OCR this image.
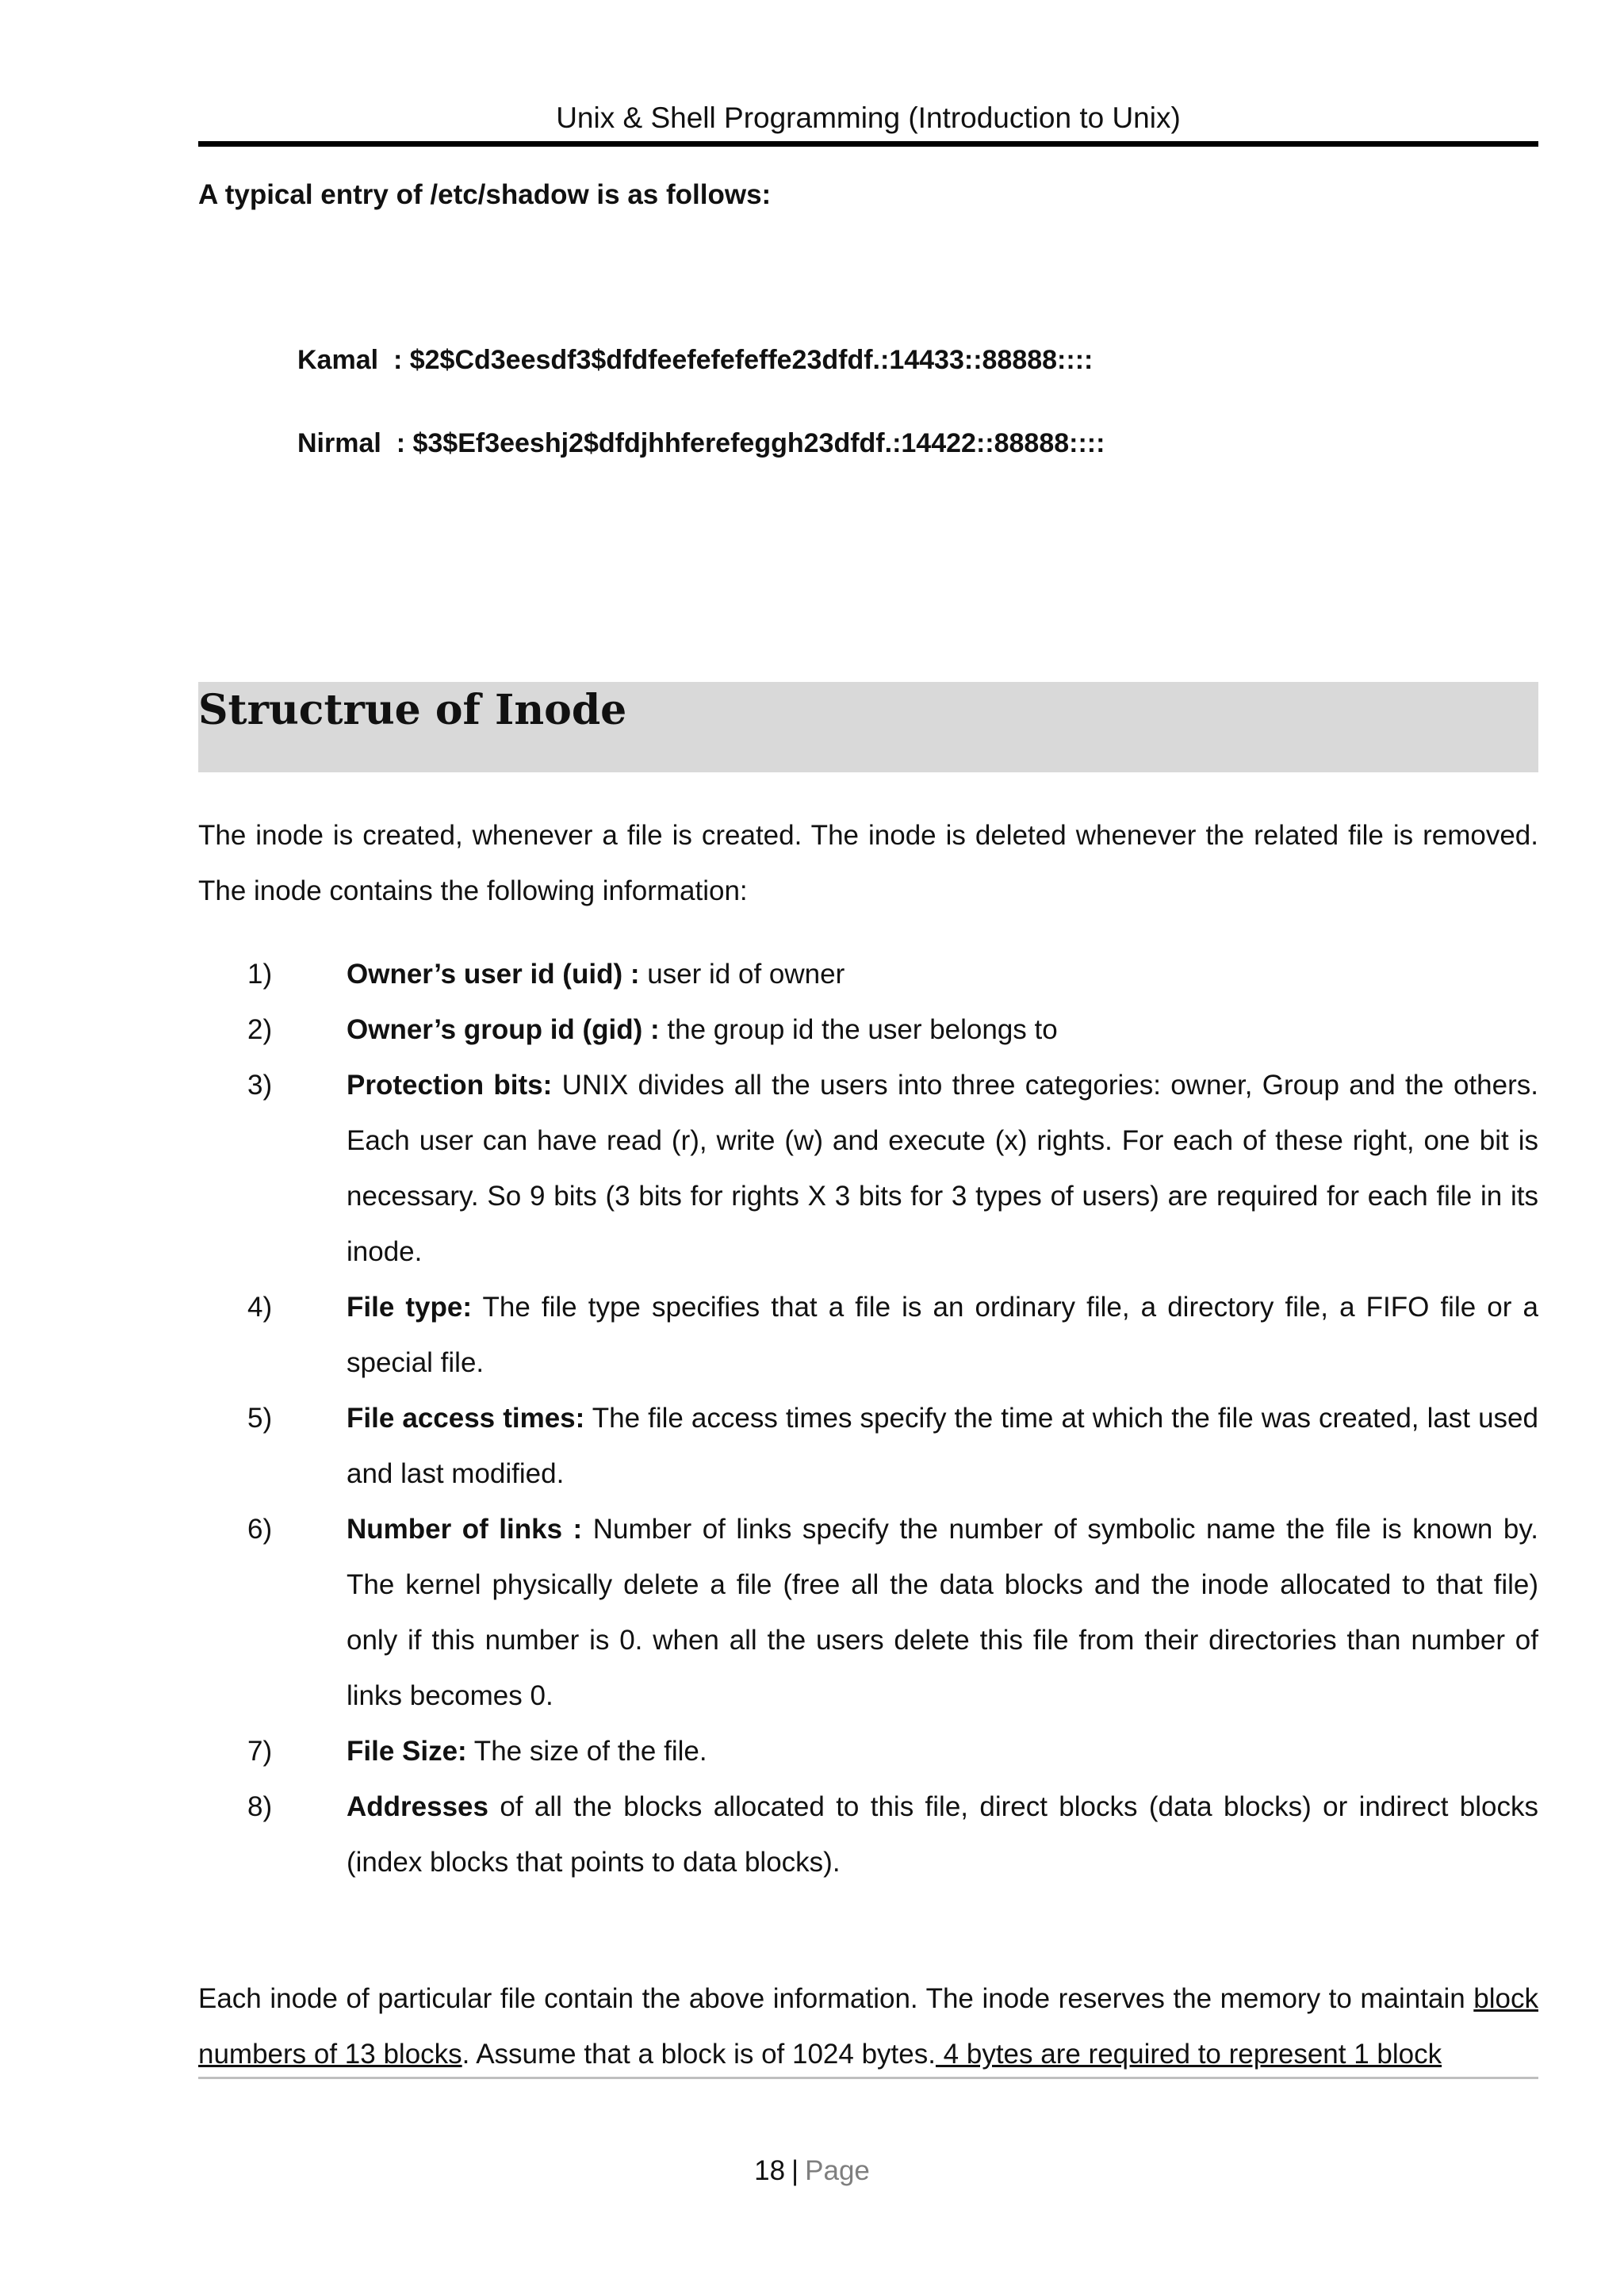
Unix & Shell Programming (Introduction to Unix)
A typical entry of /etc/shadow is as follows:
Kamal  : $2$Cd3eesdf3$dfdfeefefefeffe23dfdf.:14433::88888::::
Nirmal  : $3$Ef3eeshj2$dfdjhhferefeggh23dfdf.:14422::88888::::
Structrue of Inode
The inode is created, whenever a file is created. The inode is deleted whenever the related file is removed. The inode contains the following information:
1)	Owner’s user id (uid) : user id of owner
2)	Owner’s group id (gid) : the group id the user belongs to
3)	Protection bits: UNIX divides all the users into three categories: owner, Group and the others. Each user can have read (r), write (w) and execute (x) rights. For each of these right, one bit is necessary. So 9 bits (3 bits for rights X 3 bits for 3 types of users) are required for each file in its inode.
4)	File type: The file type specifies that a file is an ordinary file, a directory file, a FIFO file or a special file.
5)	File access times: The file access times specify the time at which the file was created, last used and last modified.
6)	Number of links : Number of links specify the number of symbolic name the file is known by. The kernel physically delete a file (free all the data blocks and the inode allocated to that file) only if this number is 0. when all the users delete this file from their directories than number of links becomes 0.
7)	File Size: The size of the file.
8)	Addresses of all the blocks allocated to this file, direct blocks (data blocks) or indirect blocks (index blocks that points to data blocks).
Each inode of particular file contain the above information. The inode reserves the memory to maintain block numbers of 13 blocks. Assume that a block is of 1024 bytes. 4 bytes are required to represent 1 block
18 | Page
